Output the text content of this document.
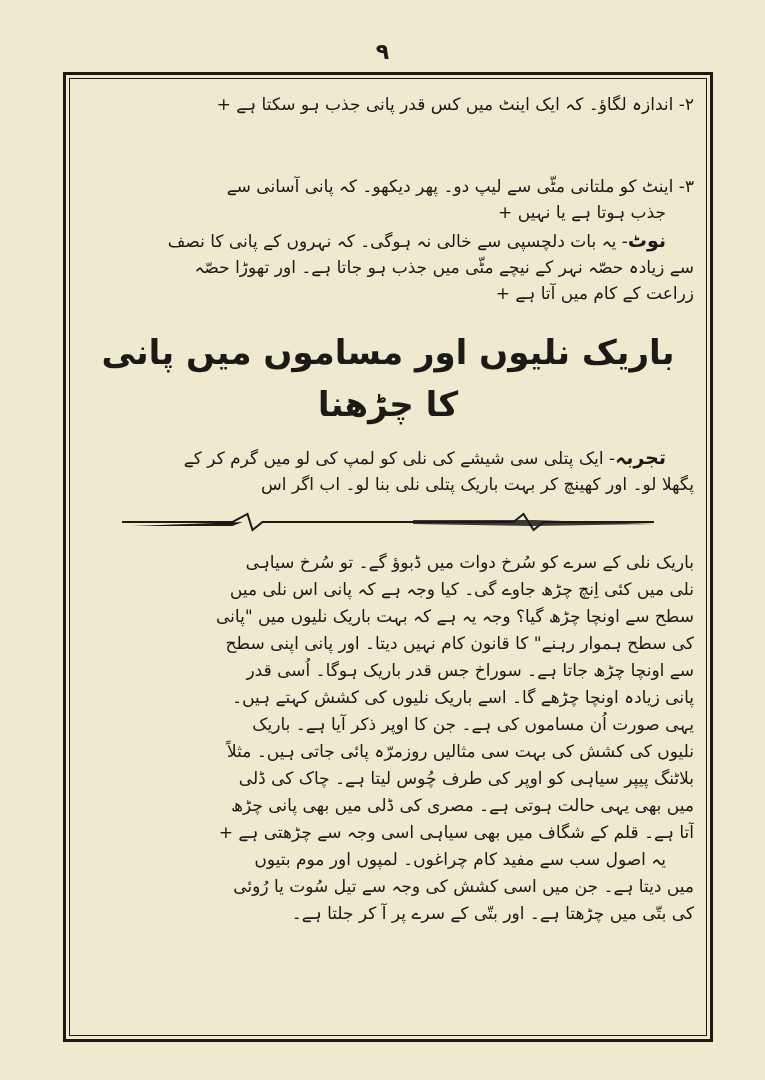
۹
۲- اندازہ لگاؤ۔ کہ ایک اینٹ میں کس قدر پانی جذب ہو سکتا ہے +
۳- اینٹ کو ملتانی مٹّی سے لیپ دو۔ پھر دیکھو۔ کہ پانی آسانی سے
جذب ہوتا ہے یا نہیں +
نوٹ- یہ بات دلچسپی سے خالی نہ ہوگی۔ کہ نہروں کے پانی کا نصف
سے زیادہ حصّہ نہر کے نیچے مٹّی میں جذب ہو جاتا ہے۔ اور تھوڑا حصّہ
زراعت کے کام میں آتا ہے +
باریک نلیوں اور مساموں میں پانی کا چڑھنا
تجربہ- ایک پتلی سی شیشے کی نلی کو لمپ کی لو میں گرم کر کے
پگھلا لو۔ اور کھینچ کر بہت باریک پتلی نلی بنا لو۔ اب اگر اس
باریک نلی کے سرے کو سُرخ دوات میں ڈبوؤ گے۔ تو سُرخ سیاہی
نلی میں کئی اِنچ چڑھ جاوے گی۔ کیا وجہ ہے کہ پانی اس نلی میں
سطح سے اونچا چڑھ گیا؟ وجہ یہ ہے کہ بہت باریک نلیوں میں "پانی
کی سطح ہموار رہنے" کا قانون کام نہیں دیتا۔ اور پانی اپنی سطح
سے اونچا چڑھ جاتا ہے۔ سوراخ جس قدر باریک ہوگا۔ اُسی قدر
پانی زیادہ اونچا چڑھے گا۔ اسے باریک نلیوں کی کشش کہتے ہیں۔
یہی صورت اُن مساموں کی ہے۔ جن کا اوپر ذکر آیا ہے۔ باریک
نلیوں کی کشش کی بہت سی مثالیں روزمرّہ پائی جاتی ہیں۔ مثلاً
بلاٹنگ پیپر سیاہی کو اوپر کی طرف چُوس لیتا ہے۔ چاک کی ڈلی
میں بھی یہی حالت ہوتی ہے۔ مصری کی ڈلی میں بھی پانی چڑھ
آتا ہے۔ قلم کے شگاف میں بھی سیاہی اسی وجہ سے چڑھتی ہے +
یہ اصول سب سے مفید کام چراغوں۔ لمپوں اور موم بتیوں
میں دیتا ہے۔ جن میں اسی کشش کی وجہ سے تیل سُوت یا رُوئی
کی بتّی میں چڑھتا ہے۔ اور بتّی کے سرے پر آ کر جلتا ہے۔
